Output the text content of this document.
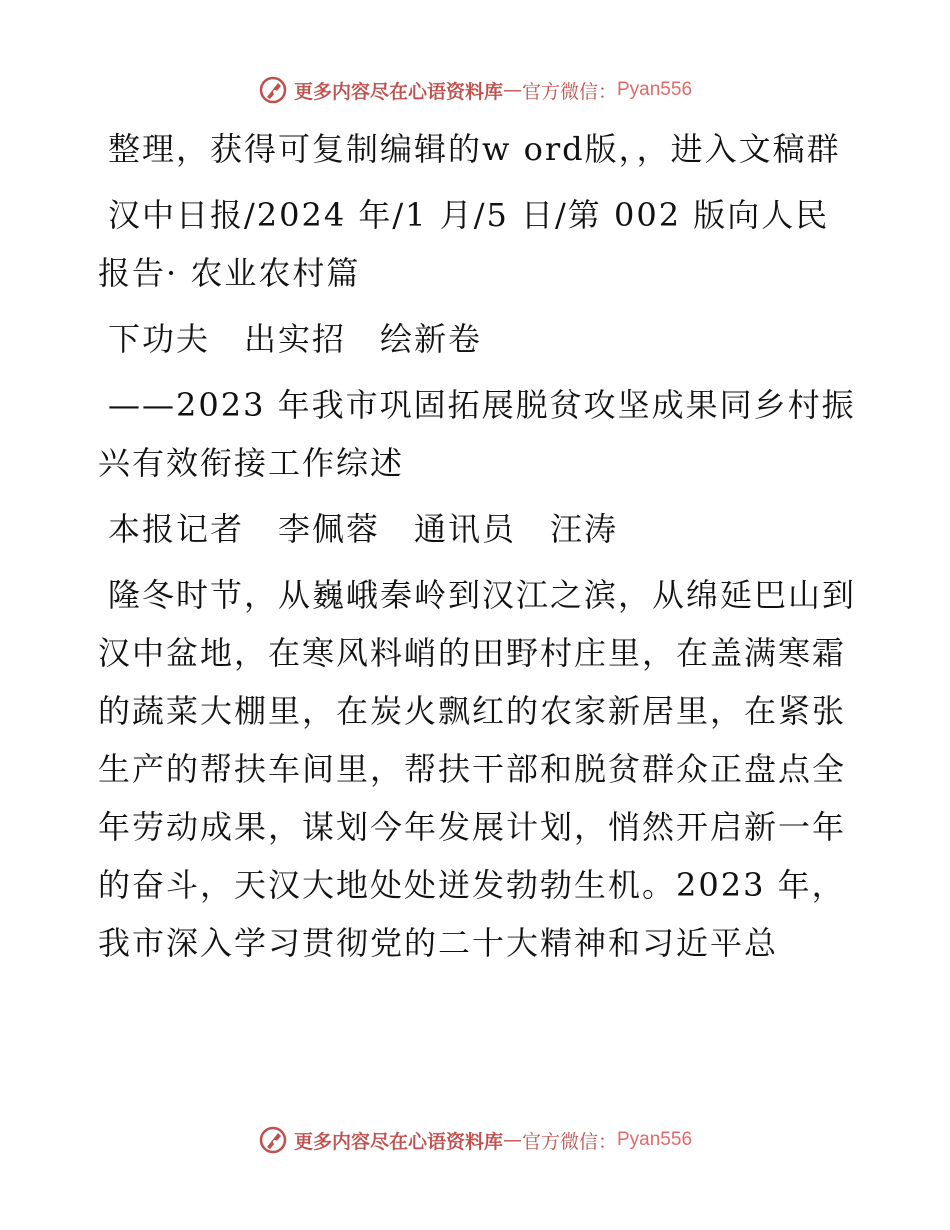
更多内容尽在心语资料库 — 官方微信： Pyan556

整理，获得可复制编辑的w ord版，，进入文稿群

汉中日报/2024 年/1 月/5 日/第 002 版向人民报告· 农业农村篇

下功夫　出实招　绘新卷

——2023 年我市巩固拓展脱贫攻坚成果同乡村振兴有效衔接工作综述

本报记者　李佩蓉　通讯员　汪涛

隆冬时节，从巍峨秦岭到汉江之滨，从绵延巴山到汉中盆地，在寒风料峭的田野村庄里，在盖满寒霜的蔬菜大棚里，在炭火飘红的农家新居里，在紧张生产的帮扶车间里，帮扶干部和脱贫群众正盘点全年劳动成果，谋划今年发展计划，悄然开启新一年的奋斗，天汉大地处处迸发勃勃生机。2023 年，我市深入学习贯彻党的二十大精神和习近平总

更多内容尽在心语资料库 — 官方微信： Pyan556
